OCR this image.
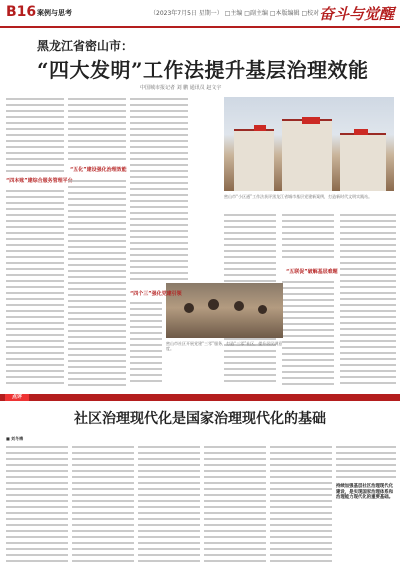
B16 案例与思考	（2023年7月5日 星期一） □主编 □副主编 □本版编辑 □校对 奋斗与觉醒
黑龙江省密山市：
“四大发明”工作法提升基层治理效能
中国城市报记者 刘 鹏 通讯员 赵文宇
“四本账”建综合服务管理平台
“五化”建设强化治理效能
密山市“小区通”工作法获评黑龙江省城市基层党建新案例，打造新时代文明实践站。
“五联促”破解基层难题
密山市社区开展党建“三零”服务，打造“三零”社区，提升居民满意度。
“四个三”强化党建引领
点评
社区治理现代化是国家治理现代化的基础
■ 刘冬梅
持续加强基层社区治理现代化建设，是实现国家治理体系和治理能力现代化的重要基础。
